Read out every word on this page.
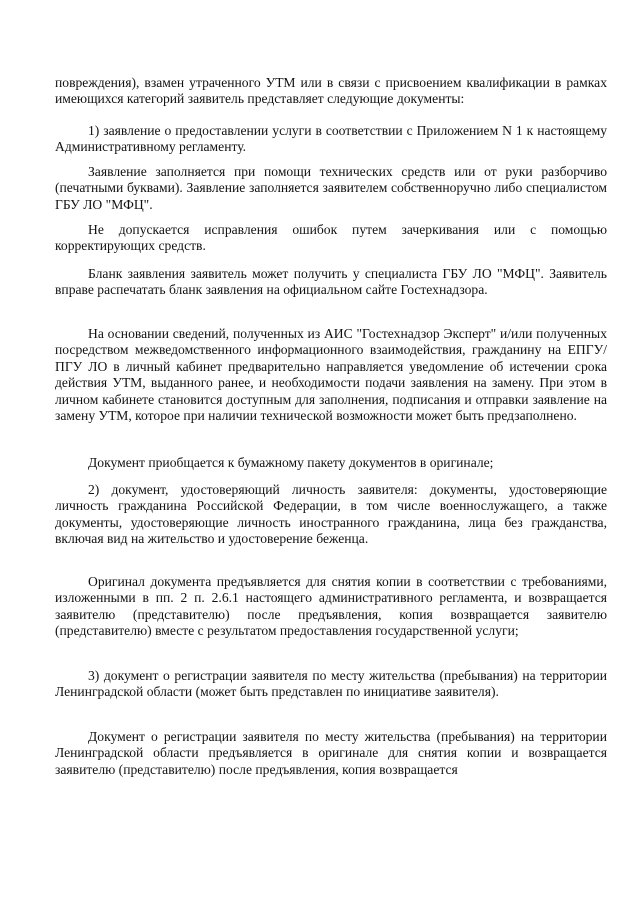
повреждения), взамен утраченного УТМ или в связи с присвоением квалификации в рамках имеющихся категорий заявитель представляет следующие документы:

1) заявление о предоставлении услуги в соответствии с Приложением N 1 к настоящему Административному регламенту.

Заявление заполняется при помощи технических средств или от руки разборчиво (печатными буквами). Заявление заполняется заявителем собственноручно либо специалистом ГБУ ЛО "МФЦ".

Не допускается исправления ошибок путем зачеркивания или с помощью корректирующих средств.

Бланк заявления заявитель может получить у специалиста ГБУ ЛО "МФЦ". Заявитель вправе распечатать бланк заявления на официальном сайте Гостехнадзора.

На основании сведений, полученных из АИС "Гостехнадзор Эксперт" и/или полученных посредством межведомственного информационного взаимодействия, гражданину на ЕПГУ/ПГУ ЛО в личный кабинет предварительно направляется уведомление об истечении срока действия УТМ, выданного ранее, и необходимости подачи заявления на замену. При этом в личном кабинете становится доступным для заполнения, подписания и отправки заявление на замену УТМ, которое при наличии технической возможности может быть предзаполнено.

Документ приобщается к бумажному пакету документов в оригинале;

2) документ, удостоверяющий личность заявителя: документы, удостоверяющие личность гражданина Российской Федерации, в том числе военнослужащего, а также документы, удостоверяющие личность иностранного гражданина, лица без гражданства, включая вид на жительство и удостоверение беженца.

Оригинал документа предъявляется для снятия копии в соответствии с требованиями, изложенными в пп. 2 п. 2.6.1 настоящего административного регламента, и возвращается заявителю (представителю) после предъявления, копия возвращается заявителю (представителю) вместе с результатом предоставления государственной услуги;

3) документ о регистрации заявителя по месту жительства (пребывания) на территории Ленинградской области (может быть представлен по инициативе заявителя).

Документ о регистрации заявителя по месту жительства (пребывания) на территории Ленинградской области предъявляется в оригинале для снятия копии и возвращается заявителю (представителю) после предъявления, копия возвращается
